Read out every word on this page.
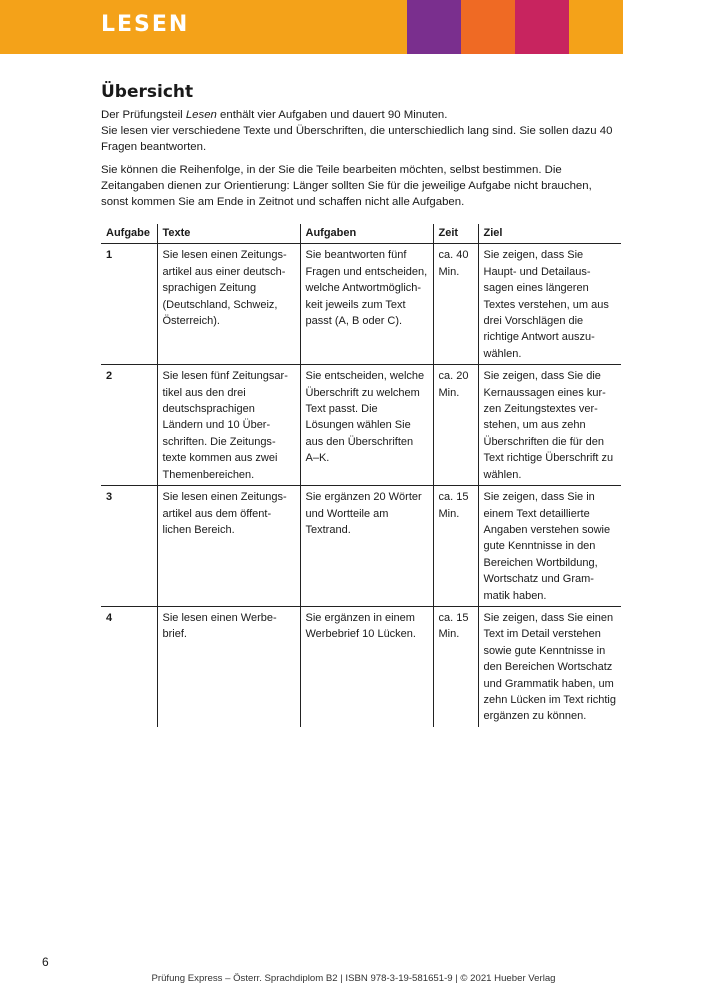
LESEN
Übersicht

Der Prüfungsteil Lesen enthält vier Aufgaben und dauert 90 Minuten.
Sie lesen vier verschiedene Texte und Überschriften, die unterschiedlich lang sind. Sie sollen dazu 40 Fragen beantworten.

Sie können die Reihenfolge, in der Sie die Teile bearbeiten möchten, selbst bestimmen. Die Zeitangaben dienen zur Orientierung: Länger sollten Sie für die jeweilige Aufgabe nicht brauchen, sonst kommen Sie am Ende in Zeitnot und schaffen nicht alle Aufgaben.

Aufgabe	Texte	Aufgaben	Zeit	Ziel
1	Sie lesen einen Zeitungsartikel aus einer deutschsprachigen Zeitung (Deutschland, Schweiz, Österreich).	Sie beantworten fünf Fragen und entscheiden, welche Antwortmöglichkeit jeweils zum Text passt (A, B oder C).	ca. 40 Min.	Sie zeigen, dass Sie Haupt- und Detailaussagen eines längeren Textes verstehen, um aus drei Vorschlägen die richtige Antwort auszuwählen.
2	Sie lesen fünf Zeitungsartikel aus den drei deutschsprachigen Ländern und 10 Überschriften. Die Zeitungstexte kommen aus zwei Themenbereichen.	Sie entscheiden, welche Überschrift zu welchem Text passt. Die Lösungen wählen Sie aus den Überschriften A–K.	ca. 20 Min.	Sie zeigen, dass Sie die Kernaussagen eines kurzen Zeitungstextes verstehen, um aus zehn Überschriften die für den Text richtige Überschrift zu wählen.
3	Sie lesen einen Zeitungsartikel aus dem öffentlichen Bereich.	Sie ergänzen 20 Wörter und Wortteile am Textrand.	ca. 15 Min.	Sie zeigen, dass Sie in einem Text detaillierte Angaben verstehen sowie gute Kenntnisse in den Bereichen Wortbildung, Wortschatz und Grammatik haben.
4	Sie lesen einen Werbebrief.	Sie ergänzen in einem Werbebrief 10 Lücken.	ca. 15 Min.	Sie zeigen, dass Sie einen Text im Detail verstehen sowie gute Kenntnisse in den Bereichen Wortschatz und Grammatik haben, um zehn Lücken im Text richtig ergänzen zu können.

6

Prüfung Express – Österr. Sprachdiplom B2 | ISBN 978-3-19-581651-9 | © 2021 Hueber Verlag
